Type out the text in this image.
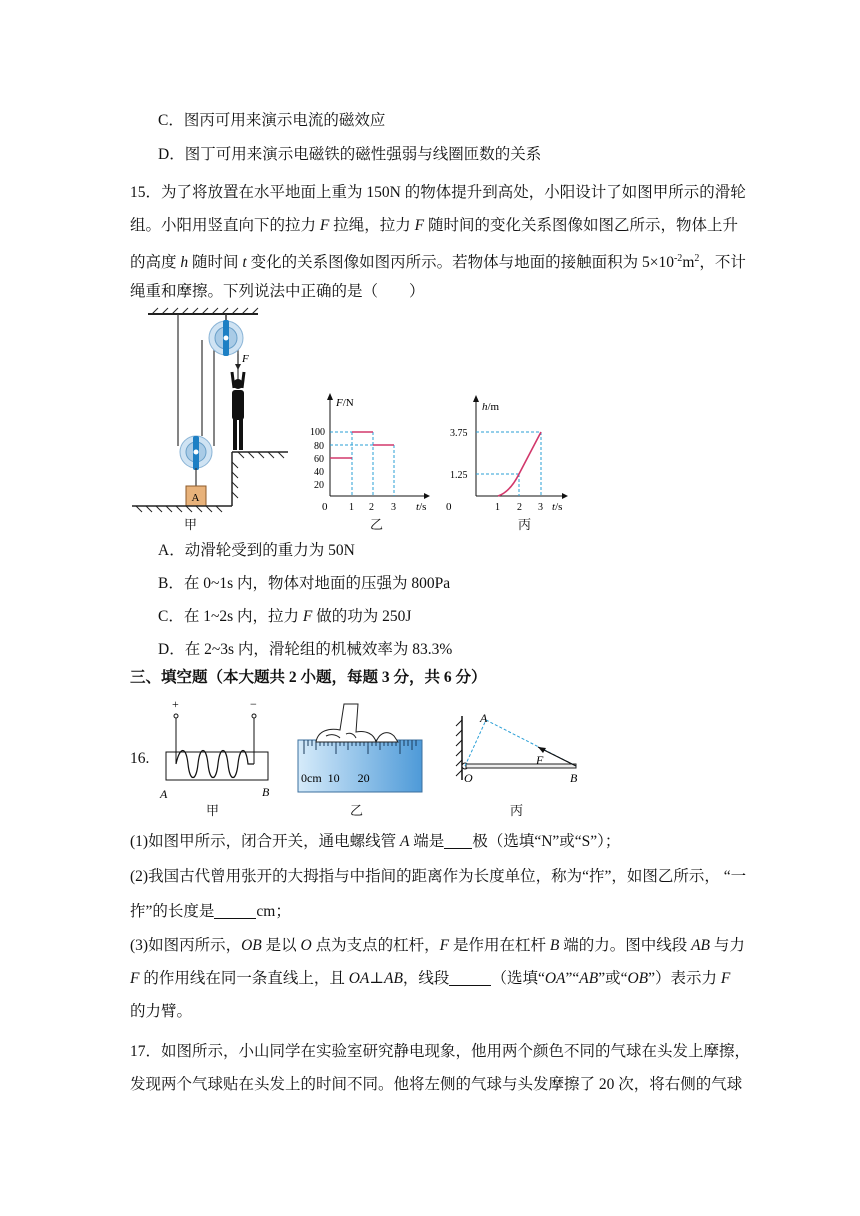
C．图丙可用来演示电流的磁效应
D．图丁可用来演示电磁铁的磁性强弱与线圈匝数的关系
15．为了将放置在水平地面上重为 150N 的物体提升到高处，小阳设计了如图甲所示的滑轮
组。小阳用竖直向下的拉力 F 拉绳，拉力 F 随时间的变化关系图像如图乙所示，物体上升
的高度 h 随时间 t 变化的关系图像如图丙所示。若物体与地面的接触面积为 $5\times 10^{-2}m^2$，不计
绳重和摩擦。下列说法中正确的是（　　）
F
A
甲
F/N
t/s
0
100
80
60
40
20
1 2 3
乙
h/m
t/s
0
3.75
1.25
1 2 3
丙
A．动滑轮受到的重力为 50N
B．在 0~1s 内，物体对地面的压强为 800Pa
C．在 1~2s 内，拉力 F 做的功为 250J
D．在 2~3s 内，滑轮组的机械效率为 83.3%
三、填空题（本大题共 2 小题，每题 3 分，共 6 分）
16.
+	−
A	B
甲
0cm  10      20
乙
A
O	B
F
丙
(1)如图甲所示，闭合开关，通电螺线管 A 端是 极（选填“N”或“S”）；
(2)我国古代曾用张开的大拇指与中指间的距离作为长度单位，称为“拃”，如图乙所示， “一
拃”的长度是	cm；
(3)如图丙所示，OB 是以 O 点为支点的杠杆，F 是作用在杠杆 B 端的力。图中线段 AB 与力
F 的作用线在同一条直线上，且 OA⊥AB，线段	（选填“OA”“AB”或“OB”）表示力 F
的力臂。
17．如图所示，小山同学在实验室研究静电现象，他用两个颜色不同的气球在头发上摩擦，
发现两个气球贴在头发上的时间不同。他将左侧的气球与头发摩擦了 20 次，将右侧的气球
